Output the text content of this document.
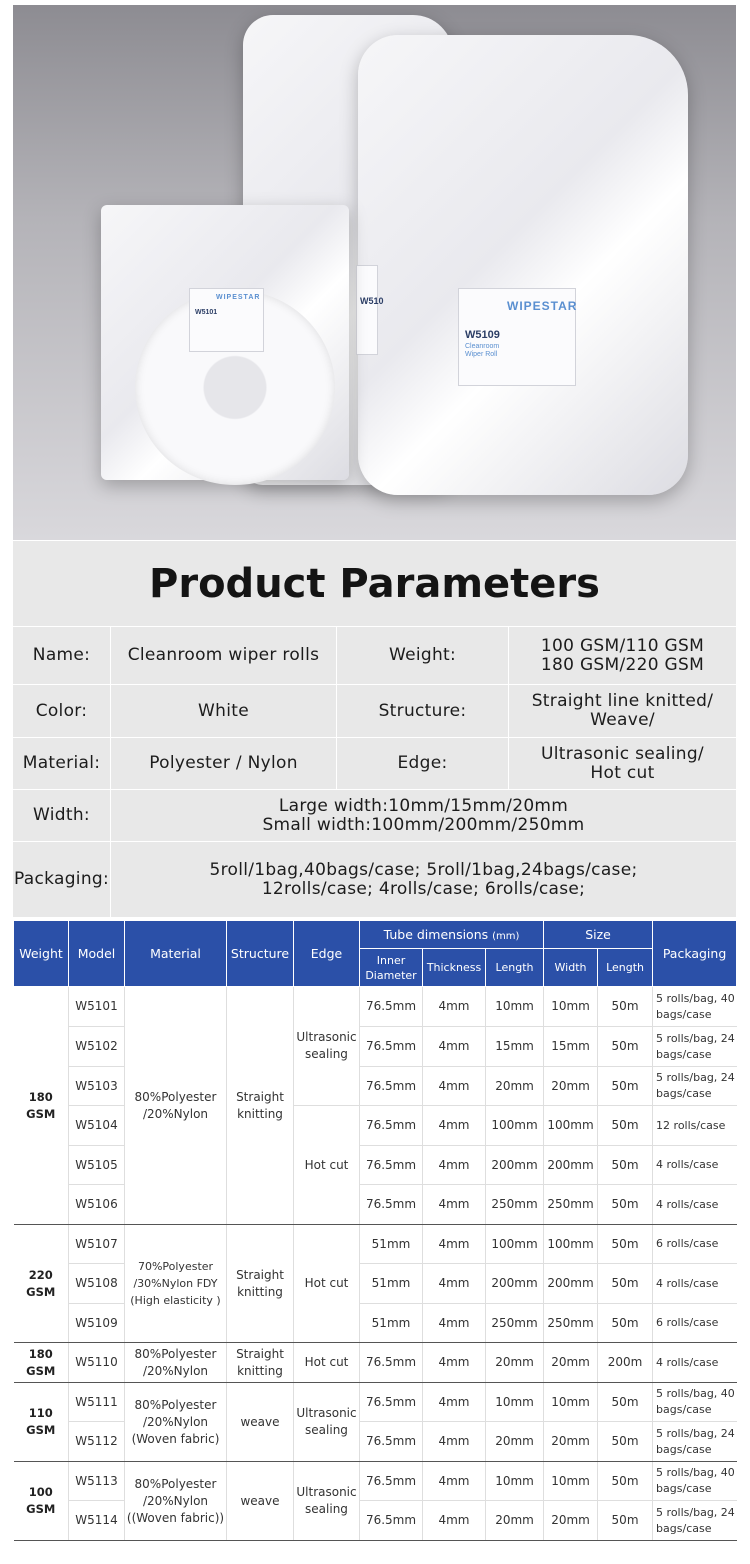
W510	WIPESTAR
W5109
Cleanroom
Wiper Roll
WIPESTAR
W5101
Product Parameters
Name:	Cleanroom wiper rolls	Weight:	100 GSM/110 GSM
180 GSM/220 GSM
Color:	White	Structure:	Straight line knitted/
Weave/
Material:	Polyester / Nylon	Edge:	Ultrasonic sealing/
Hot cut
Width:	Large width:10mm/15mm/20mm
Small width:100mm/200mm/250mm
Packaging:	5roll/1bag,40bags/case; 5roll/1bag,24bags/case;
12rolls/case; 4rolls/case; 6rolls/case;
Weight	Model	Material	Structure	Edge	Tube dimensions (mm)			Size		Packaging
					Inner
Diameter	Thickness	Length	Width	Length	
180 GSM	W5101	80%Polyester
/20%Nylon	Straight
knitting	Ultrasonic
sealing	76.5mm	4mm	10mm	10mm	50m	5 rolls/bag, 40
bags/case
	W5102				76.5mm	4mm	15mm	15mm	50m	5 rolls/bag, 24
bags/case
	W5103				76.5mm	4mm	20mm	20mm	50m	5 rolls/bag, 24
bags/case
	W5104			Hot cut	76.5mm	4mm	100mm	100mm	50m	12 rolls/case
	W5105				76.5mm	4mm	200mm	200mm	50m	4 rolls/case
	W5106				76.5mm	4mm	250mm	250mm	50m	4 rolls/case
220 GSM	W5107	70%Polyester
/30%Nylon FDY
(High elasticity )	Straight
knitting	Hot cut	51mm	4mm	100mm	100mm	50m	6 rolls/case
	W5108				51mm	4mm	200mm	200mm	50m	4 rolls/case
	W5109				51mm	4mm	250mm	250mm	50m	6 rolls/case
180 GSM	W5110	80%Polyester
/20%Nylon	Straight
knitting	Hot cut	76.5mm	4mm	20mm	20mm	200m	4 rolls/case
110 GSM	W5111	80%Polyester
/20%Nylon
(Woven fabric)	weave	Ultrasonic
sealing	76.5mm	4mm	10mm	10mm	50m	5 rolls/bag, 40
bags/case
	W5112				76.5mm	4mm	20mm	20mm	50m	5 rolls/bag, 24
bags/case
100 GSM	W5113	80%Polyester
/20%Nylon
((Woven fabric))	weave	Ultrasonic
sealing	76.5mm	4mm	10mm	10mm	50m	5 rolls/bag, 40
bags/case
	W5114				76.5mm	4mm	20mm	20mm	50m	5 rolls/bag, 24
bags/case
